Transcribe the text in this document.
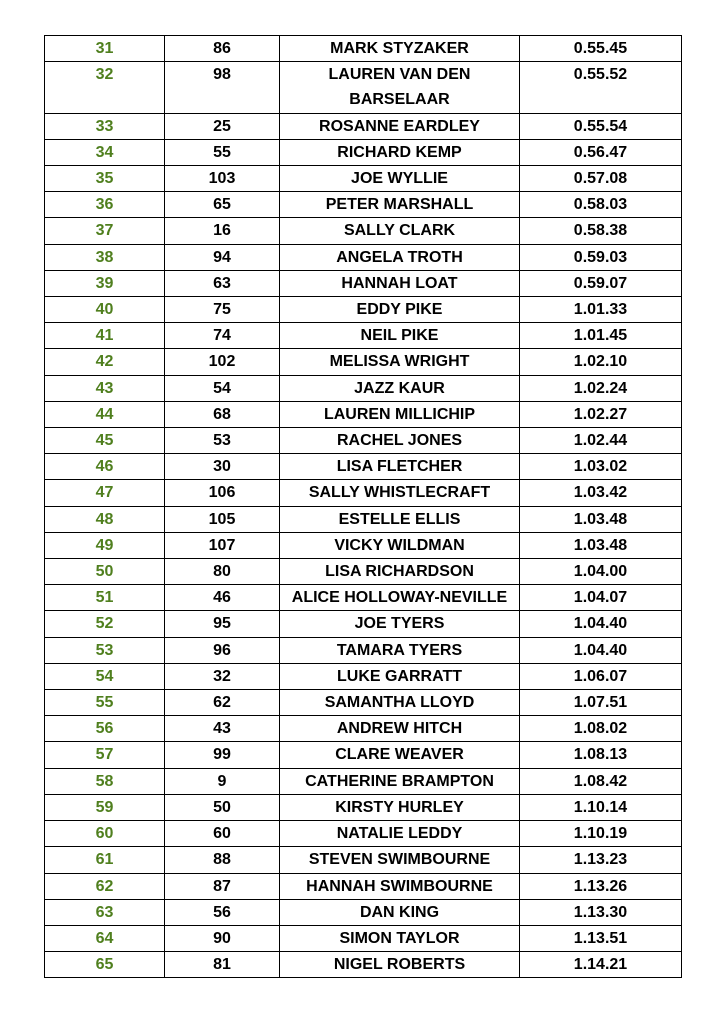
31	86	MARK STYZAKER	0.55.45
32	98	LAUREN VAN DEN BARSELAAR	0.55.52
33	25	ROSANNE EARDLEY	0.55.54
34	55	RICHARD KEMP	0.56.47
35	103	JOE WYLLIE	0.57.08
36	65	PETER MARSHALL	0.58.03
37	16	SALLY CLARK	0.58.38
38	94	ANGELA TROTH	0.59.03
39	63	HANNAH LOAT	0.59.07
40	75	EDDY PIKE	1.01.33
41	74	NEIL PIKE	1.01.45
42	102	MELISSA WRIGHT	1.02.10
43	54	JAZZ KAUR	1.02.24
44	68	LAUREN MILLICHIP	1.02.27
45	53	RACHEL JONES	1.02.44
46	30	LISA FLETCHER	1.03.02
47	106	SALLY WHISTLECRAFT	1.03.42
48	105	ESTELLE ELLIS	1.03.48
49	107	VICKY WILDMAN	1.03.48
50	80	LISA RICHARDSON	1.04.00
51	46	ALICE HOLLOWAY-NEVILLE	1.04.07
52	95	JOE TYERS	1.04.40
53	96	TAMARA TYERS	1.04.40
54	32	LUKE GARRATT	1.06.07
55	62	SAMANTHA LLOYD	1.07.51
56	43	ANDREW HITCH	1.08.02
57	99	CLARE WEAVER	1.08.13
58	9	CATHERINE BRAMPTON	1.08.42
59	50	KIRSTY HURLEY	1.10.14
60	60	NATALIE LEDDY	1.10.19
61	88	STEVEN SWIMBOURNE	1.13.23
62	87	HANNAH SWIMBOURNE	1.13.26
63	56	DAN KING	1.13.30
64	90	SIMON TAYLOR	1.13.51
65	81	NIGEL ROBERTS	1.14.21
